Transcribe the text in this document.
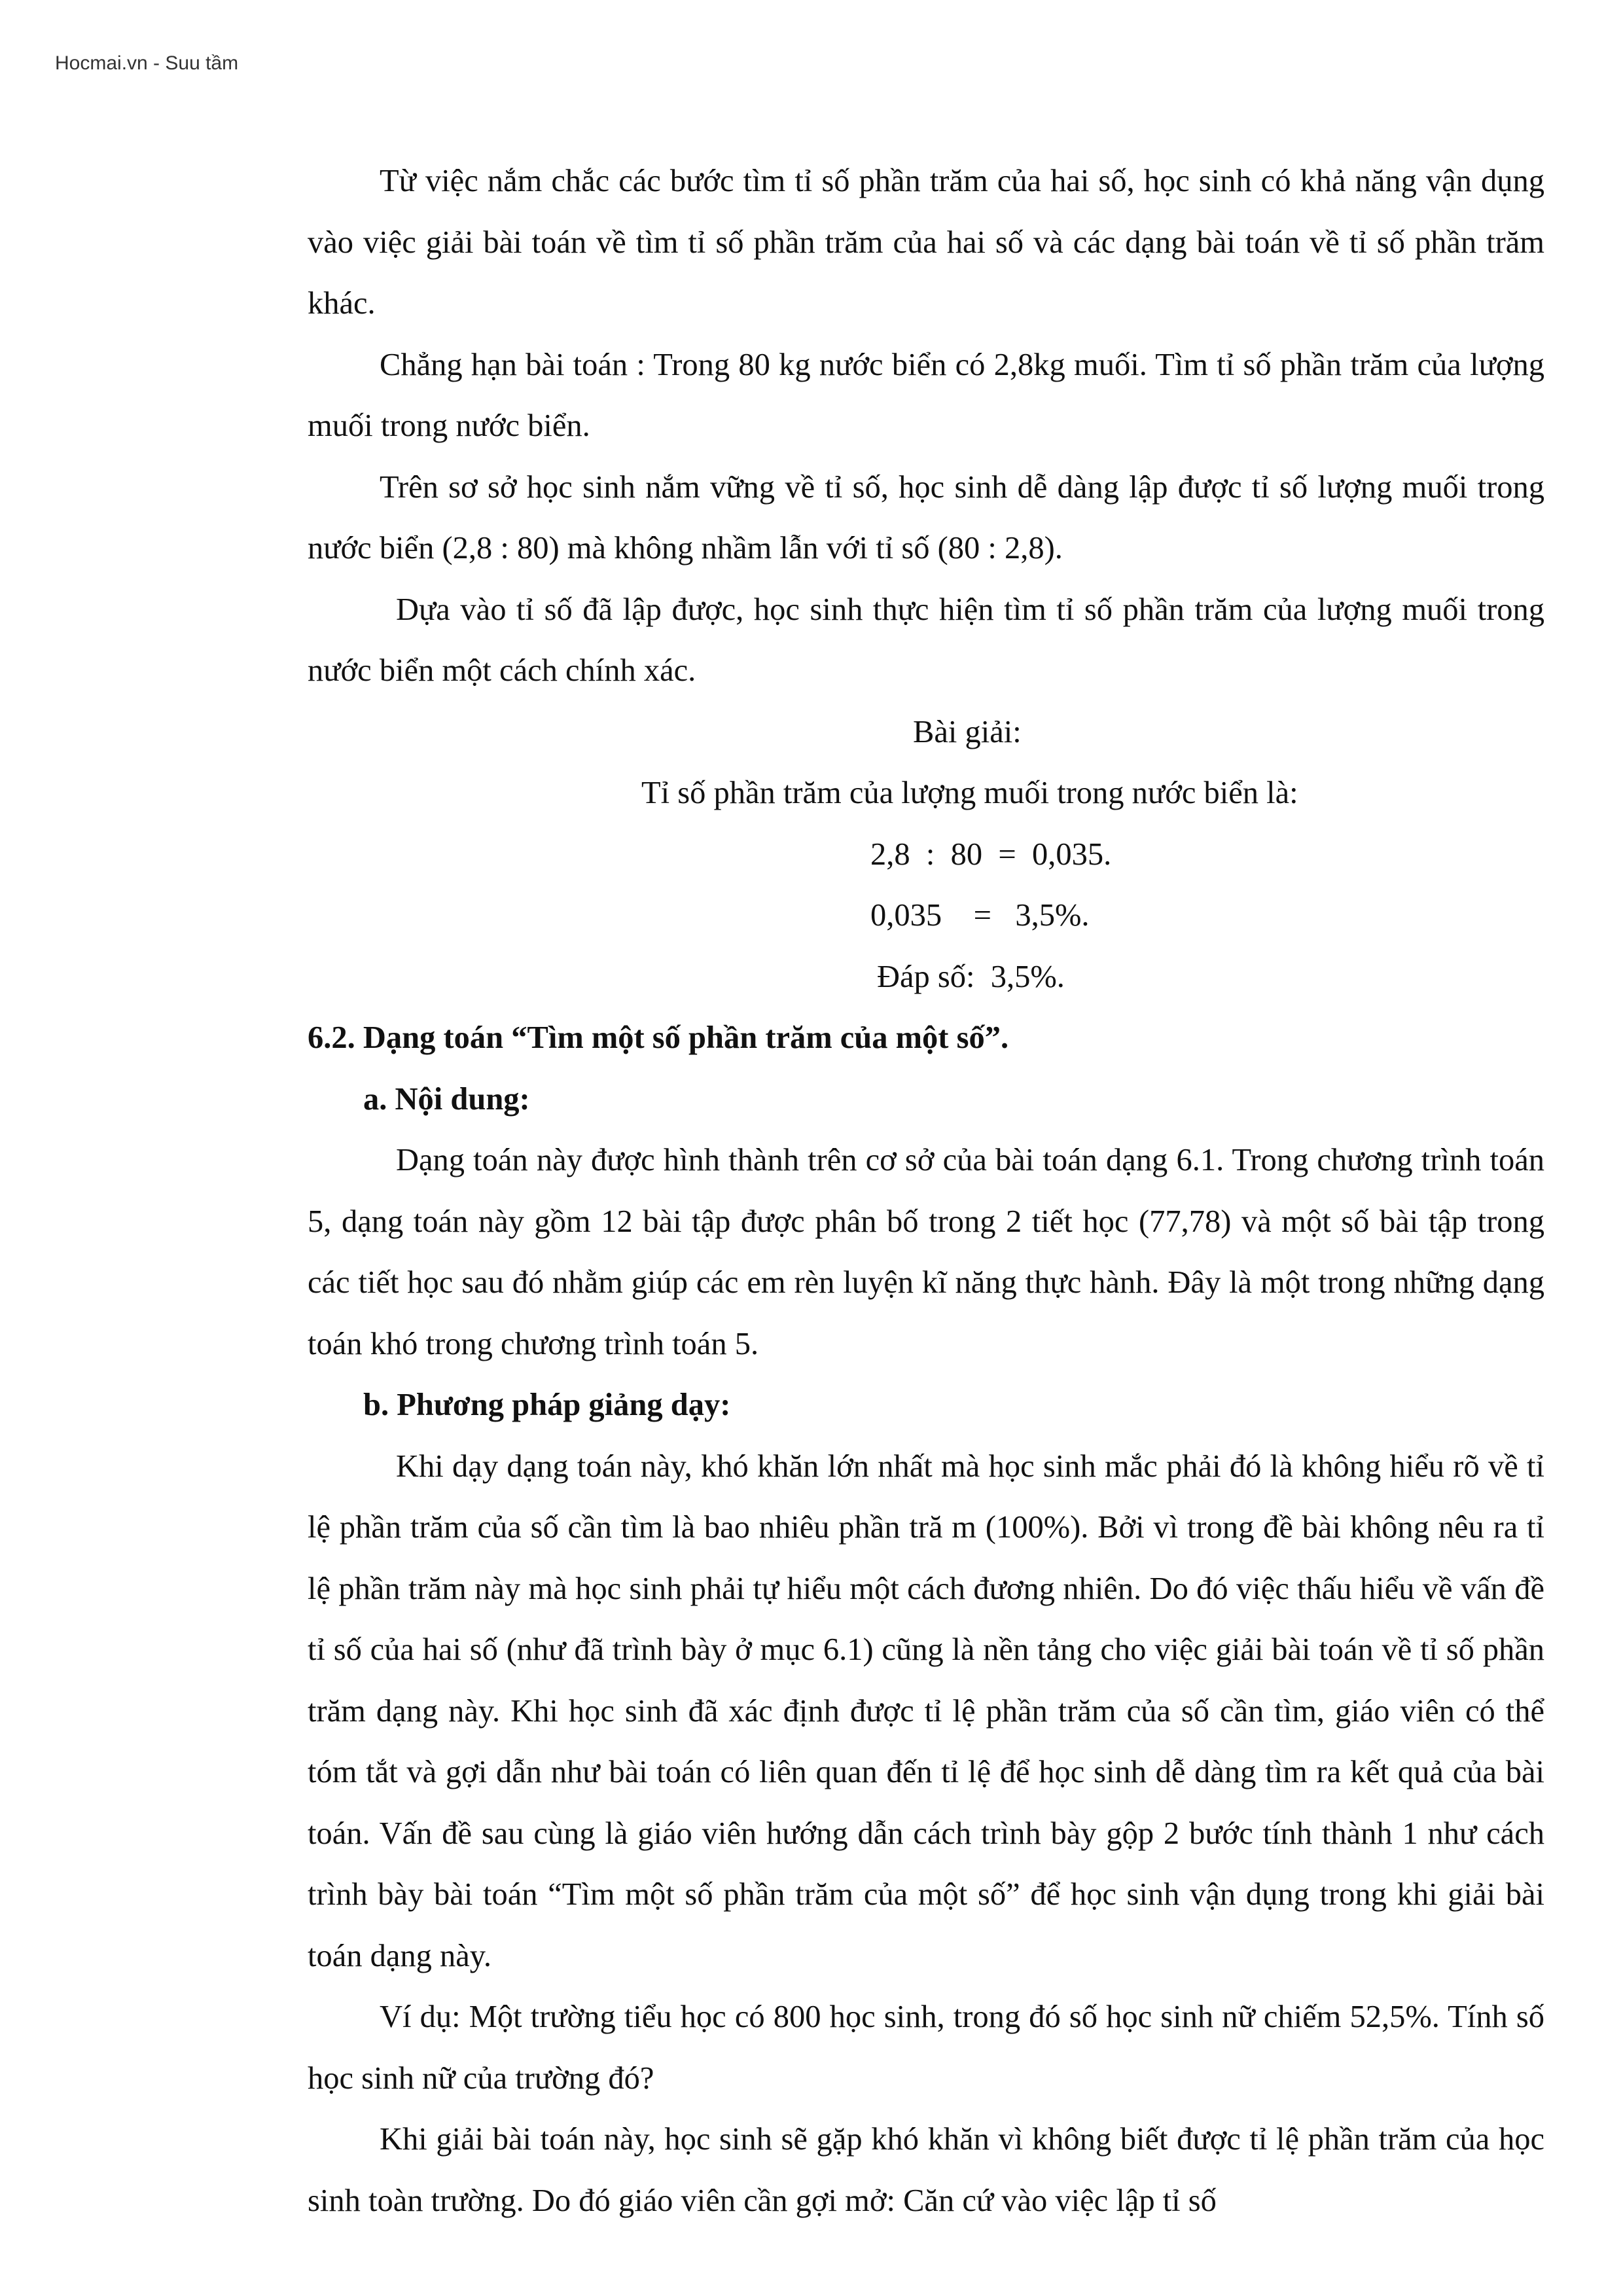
Hocmai.vn - Suu tầm

Từ việc nắm chắc các bước tìm tỉ số phần trăm của hai số, học sinh có khả năng vận dụng vào việc giải bài toán về tìm tỉ số phần trăm của hai số và các dạng bài toán về tỉ số phần trăm khác.

Chẳng hạn bài toán : Trong 80 kg nước biển có 2,8kg muối. Tìm tỉ số phần trăm của lượng muối trong nước biển.

Trên sơ sở học sinh nắm vững về tỉ số, học sinh dễ dàng lập được tỉ số lượng muối trong nước biển (2,8 : 80) mà không nhầm lẫn với tỉ số (80 : 2,8).

Dựa vào tỉ số đã lập được, học sinh thực hiện tìm tỉ số phần trăm của lượng muối trong nước biển một cách chính xác.

Bài giải:

Tỉ số phần trăm của lượng muối trong nước biển là:

2,8  :  80  =  0,035.

0,035    =   3,5%.

Đáp số:  3,5%.

6.2. Dạng toán “Tìm một số phần trăm của một số”.

a. Nội dung:

Dạng toán này được hình thành trên cơ sở của bài toán dạng 6.1. Trong chương trình toán 5, dạng toán này gồm 12 bài tập được phân bố trong 2 tiết học (77,78) và một số bài tập trong các tiết học sau đó nhằm giúp các em rèn luyện kĩ năng thực hành. Đây là một trong những dạng toán khó trong chương trình toán 5.

b. Phương pháp giảng dạy:

Khi dạy dạng toán này, khó khăn lớn nhất mà học sinh mắc phải đó là không hiểu rõ về tỉ lệ phần trăm của số cần tìm là bao nhiêu phần tră m (100%). Bởi vì trong đề bài không nêu ra tỉ lệ phần trăm này mà học sinh phải tự hiểu một cách đương nhiên. Do đó việc thấu hiểu về vấn đề tỉ số của hai số (như đã trình bày ở mục 6.1) cũng là nền tảng cho việc giải bài toán về tỉ số phần trăm dạng này. Khi học sinh đã xác định được tỉ lệ phần trăm của số cần tìm, giáo viên có thể tóm tắt và gợi dẫn như bài toán có liên quan đến tỉ lệ để học sinh dễ dàng tìm ra kết quả của bài toán. Vấn đề sau cùng là giáo viên hướng dẫn cách trình bày gộp 2 bước tính thành 1 như cách trình bày bài toán “Tìm một số phần trăm của một số” để học sinh vận dụng trong khi giải bài toán dạng này.

Ví dụ: Một trường tiểu học có 800 học sinh, trong đó số học sinh nữ chiếm 52,5%. Tính số học sinh nữ của trường đó?

Khi giải bài toán này, học sinh sẽ gặp khó khăn vì không biết được tỉ lệ phần trăm của học sinh toàn trường. Do đó giáo viên cần gợi mở: Căn cứ vào việc lập tỉ số
